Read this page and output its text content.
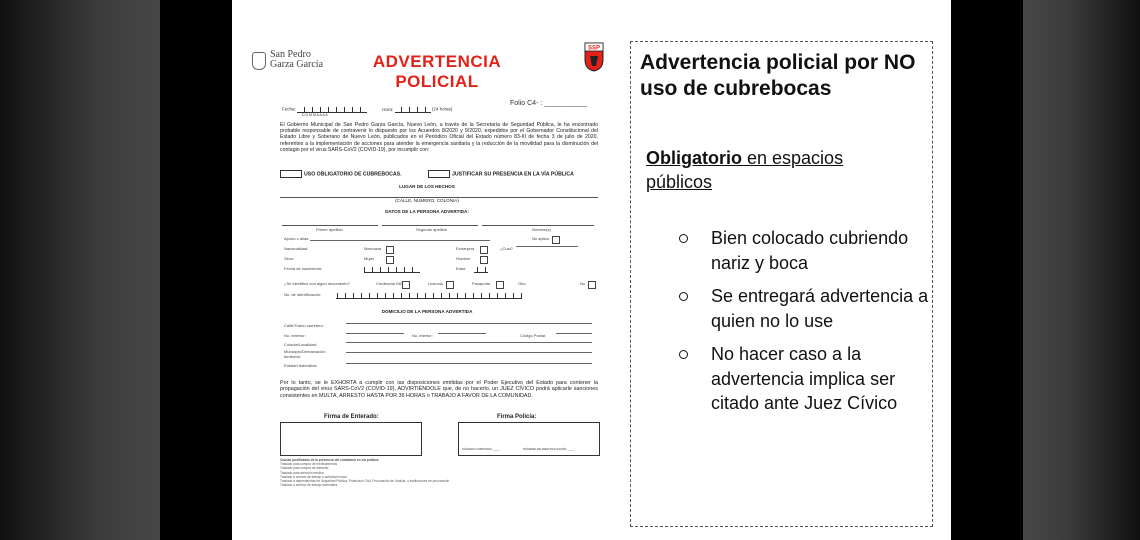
San Pedro
Garza García	ADVERTENCIA
POLICIAL
SSP
Fecha:	Hora:	(24 horas)
D D M M A A A A
Folio C4- : ___________
El Gobierno Municipal de San Pedro Garza García, Nuevo León, a través de la Secretaría de Seguridad Pública, le ha encontrado probable responsable de contravenir lo dispuesto por los Acuerdos 8/2020 y 9/2020, expedidos por el Gobernador Constitucional del Estado Libre y Soberano de Nuevo León, publicados en el Periódico Oficial del Estado número 83-III de fecha 3 de julio de 2020, referentes a la implementación de acciones para atender la emergencia sanitaria y la reducción de la movilidad para la disminución del contagio por el virus SARS-CoV2 (COVID-19), por incumplir con:
USO OBLIGATORIO DE CUBREBOCAS.	JUSTIFICAR SU PRESENCIA EN LA VÍA PÚBLICA
LUGAR DE LOS HECHOS
(CALLE, NÚMERO, COLONIA)
DATOS DE LA PERSONA ADVERTIDA:
Primer apellido	Segundo apellido	Nombre(s)
Apodo o alias:	No aplica
Nacionalidad:	Mexicana	Extranjera	¿Cuál?
Sexo:	Mujer	Hombre
Fecha de nacimiento:	Edad
¿Se identificó con algún documento?	Credencial INE	Licencia	Pasaporte	Otro	No
No. de identificación:
DOMICILIO DE LA PERSONA ADVERTIDA
Calle/Tramo carretero:
No. exterior:	No. interior:	Código Postal:
Colonia/Localidad:
Municipio/Demarcación territorial:
Entidad federativa:
Por lo tanto, se le EXHORTA a cumplir con las disposiciones emitidas por el Poder Ejecutivo del Estado para contener la propagación del virus SARS-CoV2 (COVID-19), ADVIRTIÉNDOLE que, de no hacerlo, un JUEZ CÍVICO podrá aplicarle sanciones consistentes en MULTA, ARRESTO HASTA POR 36 HORAS o TRABAJO A FAVOR DE LA COMUNIDAD.
Firma de Enterado:	Firma Policía:
CÁMARA CORPORAL ____	NÚMERO DE IDENTIFICACIÓN ____
Causas justificadas de la presencia del ciudadano en vía pública:
Traslado para compra de medicamentos
Traslado para compra de alimento
Traslado para atención médica
Traslado a centros de trabajo o actividad social
Traslado a dependencias de Seguridad Pública, Protección Civil, Procuración de Justicia, o instituciones de procuración
Traslado a centros de trabajo esenciales
Advertencia policial por NO uso de cubrebocas
Obligatorio en espacios públicos
Bien colocado cubriendo nariz y boca
Se entregará advertencia a quien no lo use
No hacer caso a la advertencia implica ser citado ante Juez Cívico
